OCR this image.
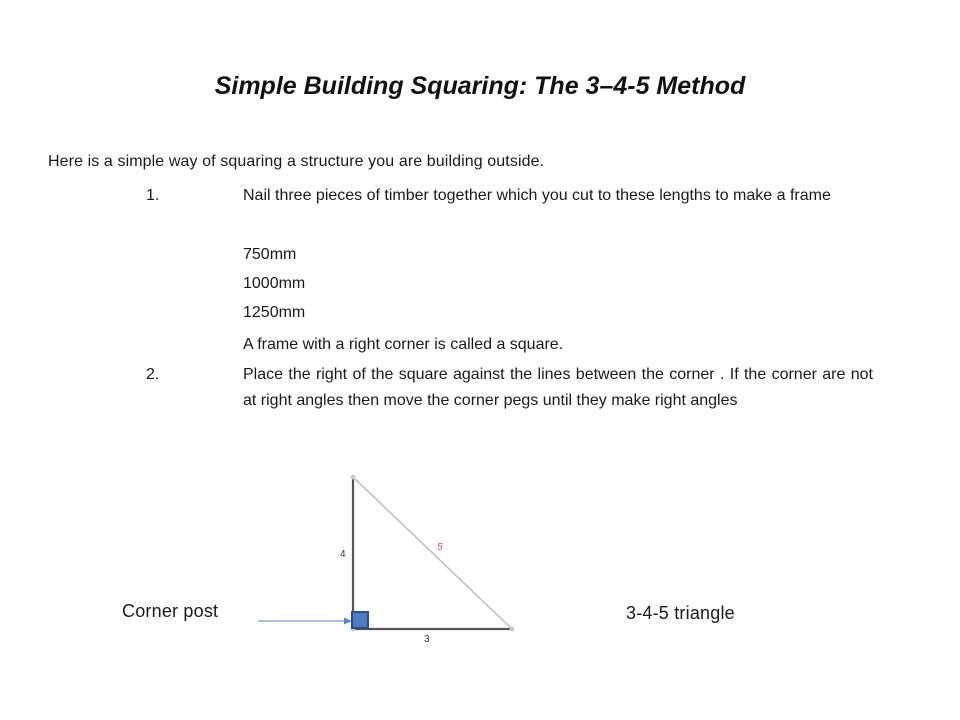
Simple Building Squaring: The 3–4-5 Method
Here is a simple way of squaring a structure you are building outside.
1.	Nail three pieces of timber together which you cut to these lengths to make a frame
750mm
1000mm
1250mm
A frame with a right corner is called a square.
2.	Place the right of the square against the lines between the corner . If the corner are not at right angles then move the corner pegs until they make right angles
4
3
5
Corner post	3-4-5 triangle
